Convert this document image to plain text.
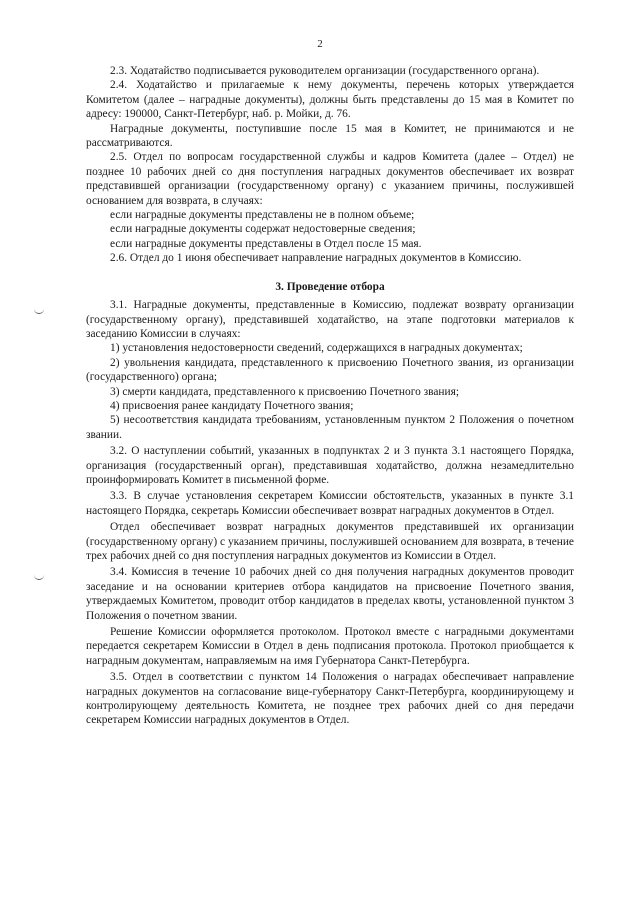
2

2.3. Ходатайство подписывается руководителем организации (государственного органа).

2.4. Ходатайство и прилагаемые к нему документы, перечень которых утверждается Комитетом (далее – наградные документы), должны быть представлены до 15 мая в Комитет по адресу: 190000, Санкт-Петербург, наб. р. Мойки, д. 76.

Наградные документы, поступившие после 15 мая в Комитет, не принимаются и не рассматриваются.

2.5. Отдел по вопросам государственной службы и кадров Комитета (далее – Отдел) не позднее 10 рабочих дней со дня поступления наградных документов обеспечивает их возврат представившей организации (государственному органу) с указанием причины, послужившей основанием для возврата, в случаях:

если наградные документы представлены не в полном объеме;

если наградные документы содержат недостоверные сведения;

если наградные документы представлены в Отдел после 15 мая.

2.6. Отдел до 1 июня обеспечивает направление наградных документов в Комиссию.

3. Проведение отбора

3.1. Наградные документы, представленные в Комиссию, подлежат возврату организации (государственному органу), представившей ходатайство, на этапе подготовки материалов к заседанию Комиссии в случаях:

1) установления недостоверности сведений, содержащихся в наградных документах;

2) увольнения кандидата, представленного к присвоению Почетного звания, из организации (государственного) органа;

3) смерти кандидата, представленного к присвоению Почетного звания;

4) присвоения ранее кандидату Почетного звания;

5) несоответствия кандидата требованиям, установленным пунктом 2 Положения о почетном звании.

3.2. О наступлении событий, указанных в подпунктах 2 и 3 пункта 3.1 настоящего Порядка, организация (государственный орган), представившая ходатайство, должна незамедлительно проинформировать Комитет в письменной форме.

3.3. В случае установления секретарем Комиссии обстоятельств, указанных в пункте 3.1 настоящего Порядка, секретарь Комиссии обеспечивает возврат наградных документов в Отдел.

Отдел обеспечивает возврат наградных документов представившей их организации (государственному органу) с указанием причины, послужившей основанием для возврата, в течение трех рабочих дней со дня поступления наградных документов из Комиссии в Отдел.

3.4. Комиссия в течение 10 рабочих дней со дня получения наградных документов проводит заседание и на основании критериев отбора кандидатов на присвоение Почетного звания, утверждаемых Комитетом, проводит отбор кандидатов в пределах квоты, установленной пунктом 3 Положения о почетном звании.

Решение Комиссии оформляется протоколом. Протокол вместе с наградными документами передается секретарем Комиссии в Отдел в день подписания протокола. Протокол приобщается к наградным документам, направляемым на имя Губернатора Санкт-Петербурга.

3.5. Отдел в соответствии с пунктом 14 Положения о наградах обеспечивает направление наградных документов на согласование вице-губернатору Санкт-Петербурга, координирующему и контролирующему деятельность Комитета, не позднее трех рабочих дней со дня передачи секретарем Комиссии наградных документов в Отдел.
